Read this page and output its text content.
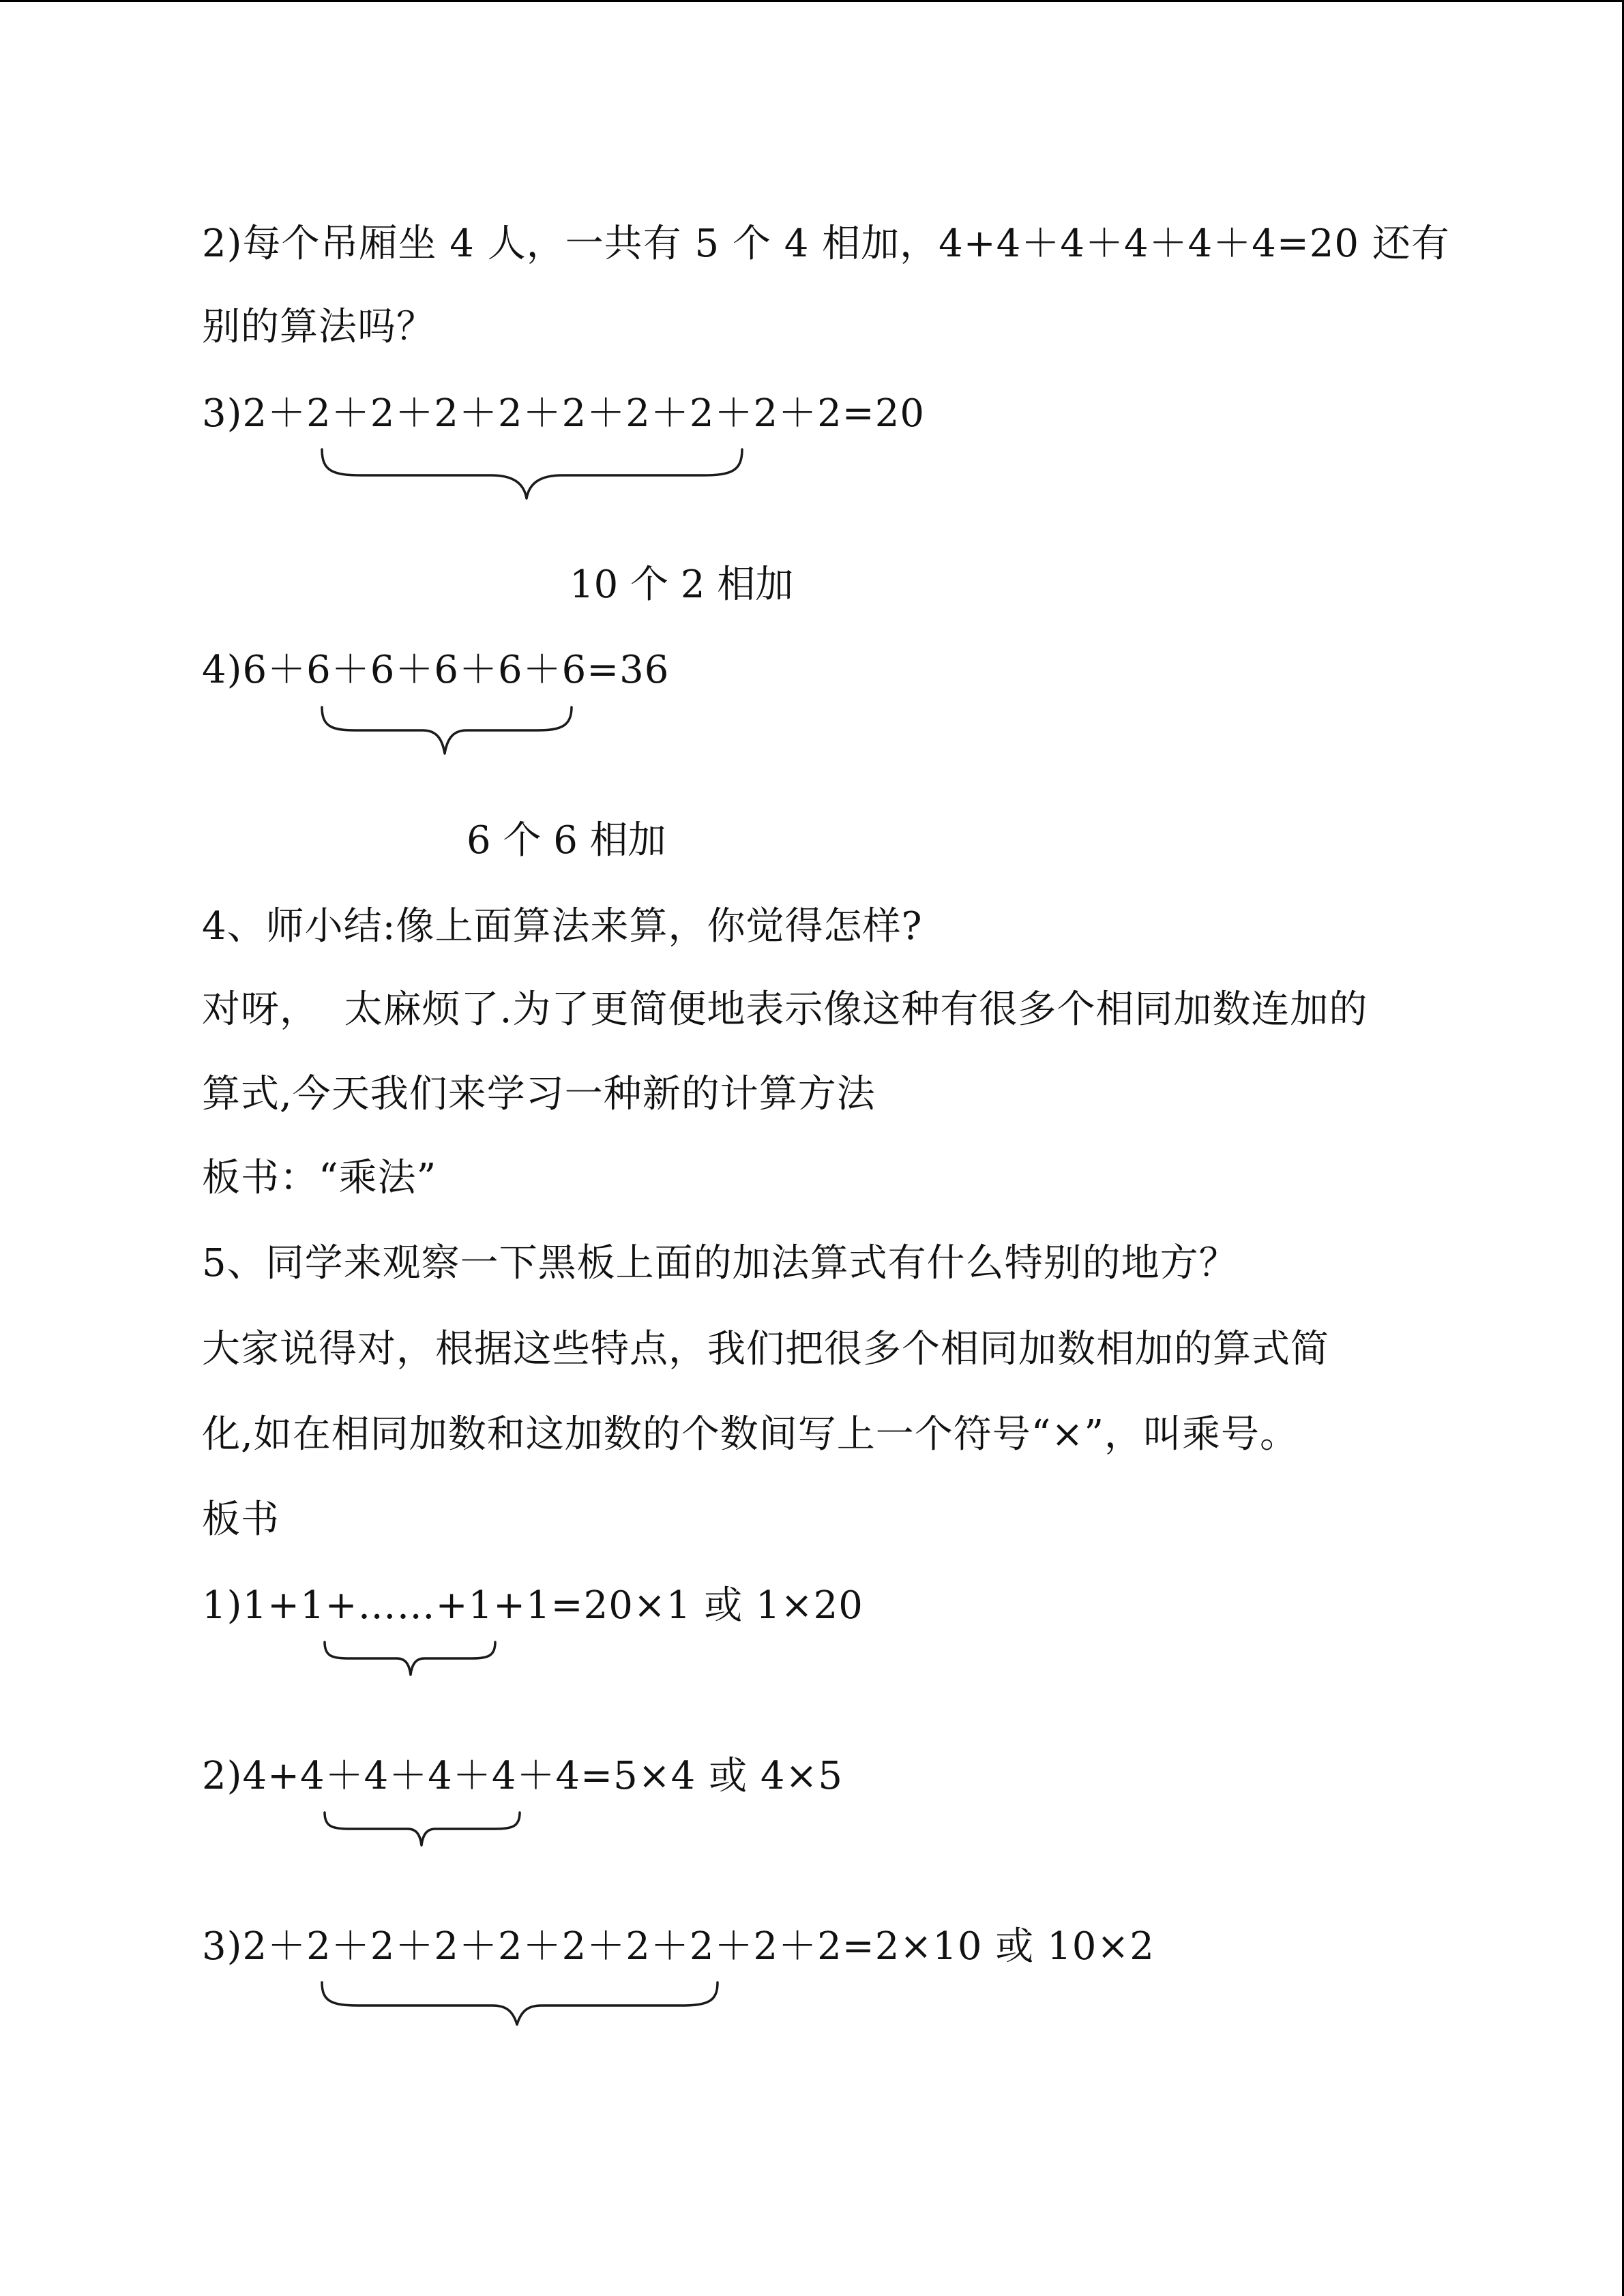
2)每个吊厢坐 4 人，一共有 5 个 4 相加，4+4＋4＋4＋4＋4=20 还有
别的算法吗？
3)2＋2＋2＋2＋2＋2＋2＋2＋2＋2=20
10 个 2 相加
4)6＋6＋6＋6＋6＋6=36
6 个 6 相加
4、师小结:像上面算法来算，你觉得怎样?
对呀，  太麻烦了.为了更简便地表示像这种有很多个相同加数连加的
算式,今天我们来学习一种新的计算方法
板书：“乘法”
5、同学来观察一下黑板上面的加法算式有什么特别的地方？
大家说得对，根据这些特点，我们把很多个相同加数相加的算式简
化,如在相同加数和这加数的个数间写上一个符号“×”，叫乘号。
板书
1)1+1+……+1+1=20×1 或 1×20
2)4+4＋4＋4＋4＋4=5×4 或 4×5
3)2＋2＋2＋2＋2＋2＋2＋2＋2＋2=2×10 或 10×2
